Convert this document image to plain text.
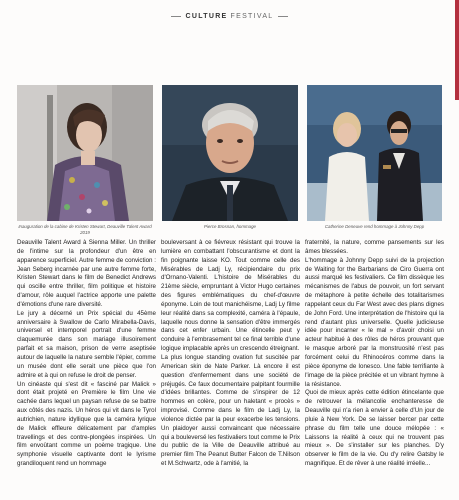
CULTURE FESTIVAL
Inauguration de la cabine de Kristen Stewart, Deauville Talent Award 2019
Pierce Brosnan, hommage	Catherine Deneuve rend hommage à Johnny Depp

Deauville Talent Award à Sienna Miller. Un thriller de l'intime sur la profondeur d'un être en apparence superficiel. Autre femme de conviction : Jean Seberg incarnée par une autre femme forte, Kristen Stewart dans le film de Benedict Andrews qui oscille entre thriller, film politique et histoire d'amour, rôle auquel l'actrice apporte une palette d'émotions d'une rare diversité.

Le jury a décerné un Prix spécial du 45ème anniversaire à Swallow de Carlo Mirabella-Davis, universel et intemporel portrait d'une femme claquemurée dans son mariage illusoirement parfait et sa maison, prison de verre aseptisée autour de laquelle la nature semble l'épier, comme un musée dont elle serait une pièce que l'on admire et à qui on refuse le droit de penser.

Un cinéaste qui s'est dit « fasciné par Malick » dont était projeté en Première le film Une vie cachée dans lequel un paysan refuse de se battre aux côtés des nazis. Un héros qui vit dans le Tyrol autrichien, nature idyllique que la caméra lyrique de Malick effleure délicatement par d'amples travellings et des contre-plongées inspirées. Un film envoûtant comme un poème tragique. Une symphonie visuelle captivante dont le lyrisme grandiloquent rend un hommage

bouleversant à ce fiévreux résistant qui trouve la lumière en combattant l'obscurantisme et dont la fin poignante laisse KO. Tout comme celle des Misérables de Ladj Ly, récipiendaire du prix d'Ornano-Valenti. L'histoire de Misérables du 21ème siècle, empruntant à Victor Hugo certaines des figures emblématiques du chef-d'œuvre éponyme. Loin de tout manichéisme, Ladj Ly filme leur réalité dans sa complexité, caméra à l'épaule, laquelle nous donne la sensation d'être immergés dans cet enfer urbain. Une étincelle peut y conduire à l'embrasement tel ce final terrible d'une logique implacable après un crescendo étreignant.

La plus longue standing ovation fut suscitée par American skin de Nate Parker. Là encore il est question d'enfermement dans une société de préjugés. Ce faux documentaire palpitant fourmille d'idées brillantes. Comme de s'inspirer de 12 hommes en colère, pour un haletant « procès » improvisé. Comme dans le film de Ladj Ly, la violence dictée par la peur exacerbe les tensions. Un plaidoyer aussi convaincant que nécessaire qui a bouleversé les festivaliers tout comme le Prix du public de la Ville de Deauville attribué au premier film The Peanut Butter Falcon de T.Nilson et M.Schwartz, ode à l'amitié, la

fraternité, la nature, comme pansements sur les âmes blessées.

L'hommage à Johnny Depp suivi de la projection de Waiting for the Barbarians de Ciro Guerra ont aussi marqué les festivaliers. Ce film dissèque les mécanismes de l'abus de pouvoir, un fort servant de métaphore à petite échelle des totalitarismes rappelant ceux du Far West avec des plans dignes de John Ford. Une interprétation de l'histoire qui la rend d'autant plus universelle. Quelle judicieuse idée pour incarner « le mal » d'avoir choisi un acteur habitué à des rôles de héros prouvant que le masque arboré par la monstruosité n'est pas forcément celui du Rhinocéros comme dans la pièce éponyme de Ionesco. Une fable terrifiante à l'image de la pièce précitée et un vibrant hymne à la résistance.

Quoi de mieux après cette édition étincelante que de retrouver la mélancolie enchanteresse de Deauville qui n'a rien à envier à celle d'Un jour de pluie à New York. De se laisser bercer par cette phrase du film telle une douce mélopée : « Laissons la réalité à ceux qui ne trouvent pas mieux ». De s'installer sur les planches. D'y observer le film de la vie. Ou d'y relire Gatsby le magnifique. Et de rêver à une réalité irréelle...
